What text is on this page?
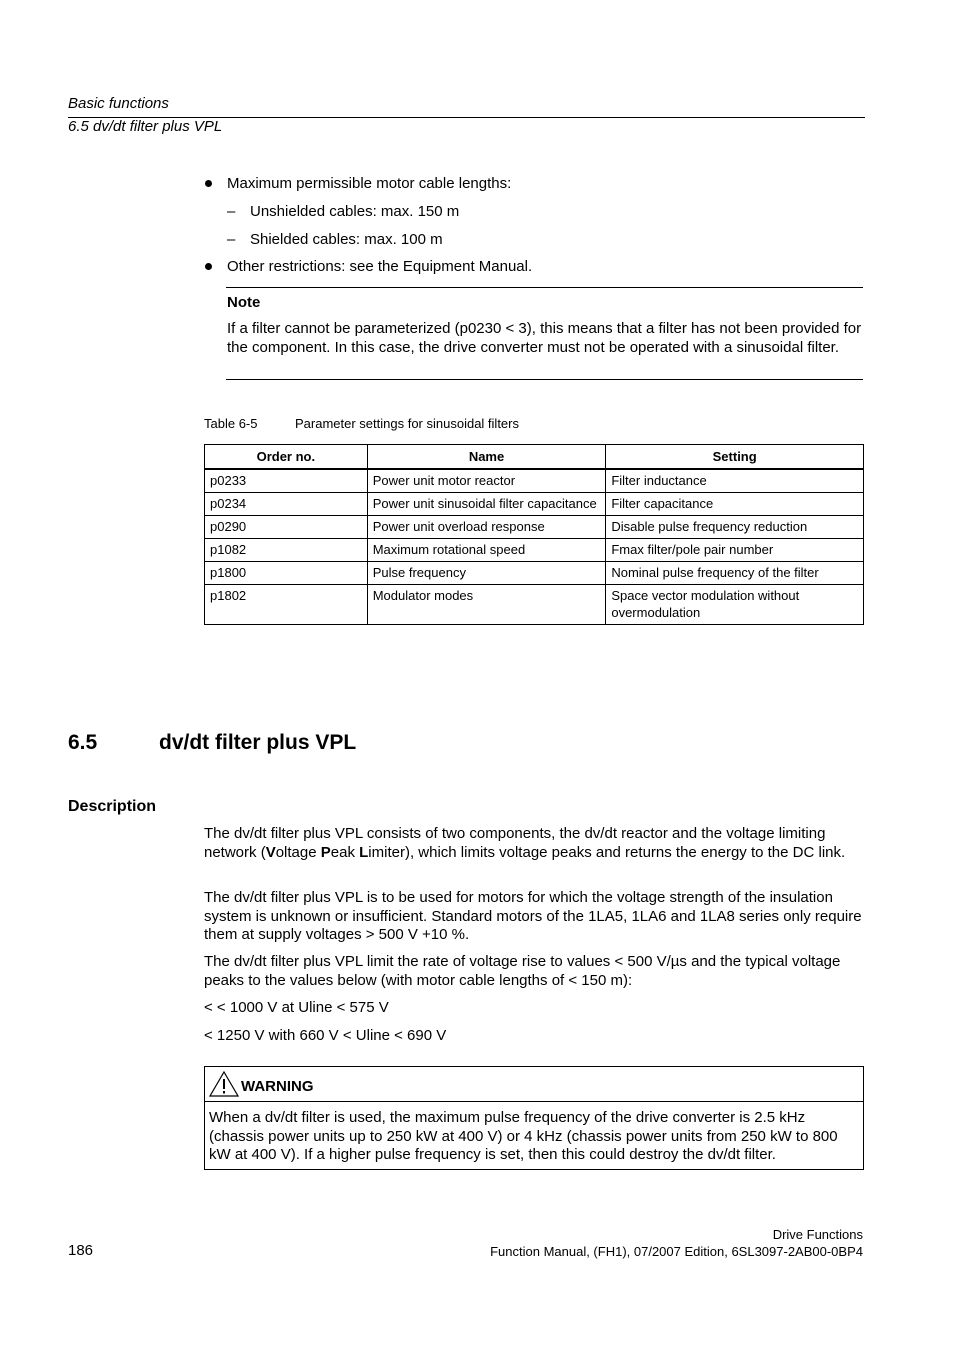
Basic functions
6.5 dv/dt filter plus VPL
Maximum permissible motor cable lengths:
– Unshielded cables: max. 150 m
– Shielded cables: max. 100 m
Other restrictions: see the Equipment Manual.
Note
If a filter cannot be parameterized (p0230 < 3), this means that a filter has not been provided for the component. In this case, the drive converter must not be operated with a sinusoidal filter.
Table 6-5	Parameter settings for sinusoidal filters
Order no.	Name	Setting
p0233	Power unit motor reactor	Filter inductance
p0234	Power unit sinusoidal filter capacitance	Filter capacitance
p0290	Power unit overload response	Disable pulse frequency reduction
p1082	Maximum rotational speed	Fmax filter/pole pair number
p1800	Pulse frequency	Nominal pulse frequency of the filter
p1802	Modulator modes	Space vector modulation without overmodulation
6.5	dv/dt filter plus VPL
Description
The dv/dt filter plus VPL consists of two components, the dv/dt reactor and the voltage limiting network (Voltage Peak Limiter), which limits voltage peaks and returns the energy to the DC link.
The dv/dt filter plus VPL is to be used for motors for which the voltage strength of the insulation system is unknown or insufficient. Standard motors of the 1LA5, 1LA6 and 1LA8 series only require them at supply voltages > 500 V +10 %.
The dv/dt filter plus VPL limit the rate of voltage rise to values < 500 V/µs and the typical voltage peaks to the values below (with motor cable lengths of < 150 m):
< < 1000 V at Uline < 575 V
< 1250 V with 660 V < Uline < 690 V
WARNING
When a dv/dt filter is used, the maximum pulse frequency of the drive converter is 2.5 kHz (chassis power units up to 250 kW at 400 V) or 4 kHz (chassis power units from 250 kW to 800 kW at 400 V). If a higher pulse frequency is set, then this could destroy the dv/dt filter.
Drive Functions
Function Manual, (FH1), 07/2007 Edition, 6SL3097-2AB00-0BP4
186
